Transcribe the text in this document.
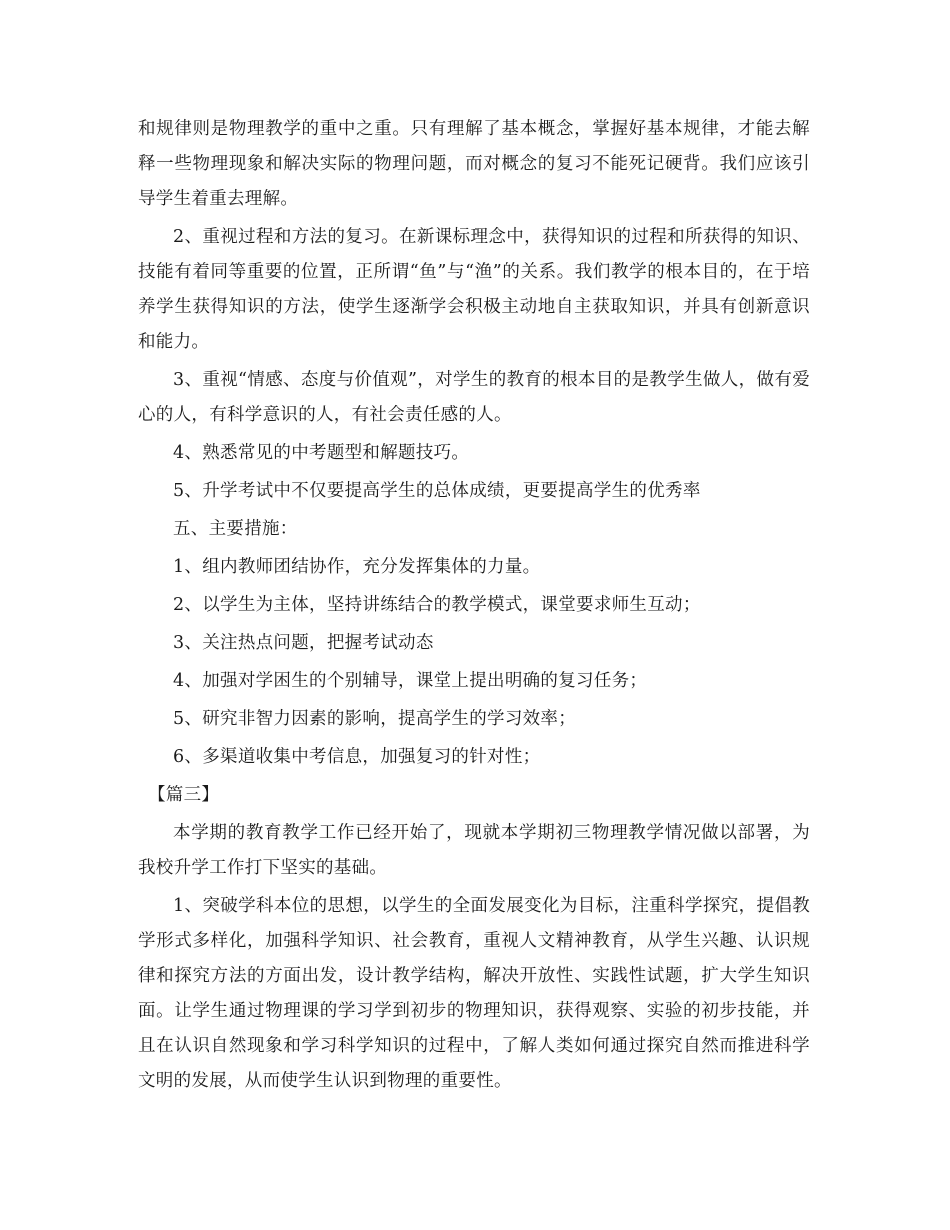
和规律则是物理教学的重中之重。只有理解了基本概念，掌握好基本规律，才能去解释一些物理现象和解决实际的物理问题，而对概念的复习不能死记硬背。我们应该引导学生着重去理解。

2、重视过程和方法的复习。在新课标理念中，获得知识的过程和所获得的知识、技能有着同等重要的位置，正所谓“鱼”与“渔”的关系。我们教学的根本目的，在于培养学生获得知识的方法，使学生逐渐学会积极主动地自主获取知识，并具有创新意识和能力。

3、重视“情感、态度与价值观”，对学生的教育的根本目的是教学生做人，做有爱心的人，有科学意识的人，有社会责任感的人。

4、熟悉常见的中考题型和解题技巧。

5、升学考试中不仅要提高学生的总体成绩，更要提高学生的优秀率

五、主要措施：

1、组内教师团结协作，充分发挥集体的力量。

2、以学生为主体，坚持讲练结合的教学模式，课堂要求师生互动；

3、关注热点问题，把握考试动态

4、加强对学困生的个别辅导，课堂上提出明确的复习任务；

5、研究非智力因素的影响，提高学生的学习效率；

6、多渠道收集中考信息，加强复习的针对性；

【篇三】

本学期的教育教学工作已经开始了，现就本学期初三物理教学情况做以部署，为我校升学工作打下坚实的基础。

1、突破学科本位的思想，以学生的全面发展变化为目标，注重科学探究，提倡教学形式多样化，加强科学知识、社会教育，重视人文精神教育，从学生兴趣、认识规律和探究方法的方面出发，设计教学结构，解决开放性、实践性试题，扩大学生知识面。让学生通过物理课的学习学到初步的物理知识，获得观察、实验的初步技能，并且在认识自然现象和学习科学知识的过程中，了解人类如何通过探究自然而推进科学文明的发展，从而使学生认识到物理的重要性。
